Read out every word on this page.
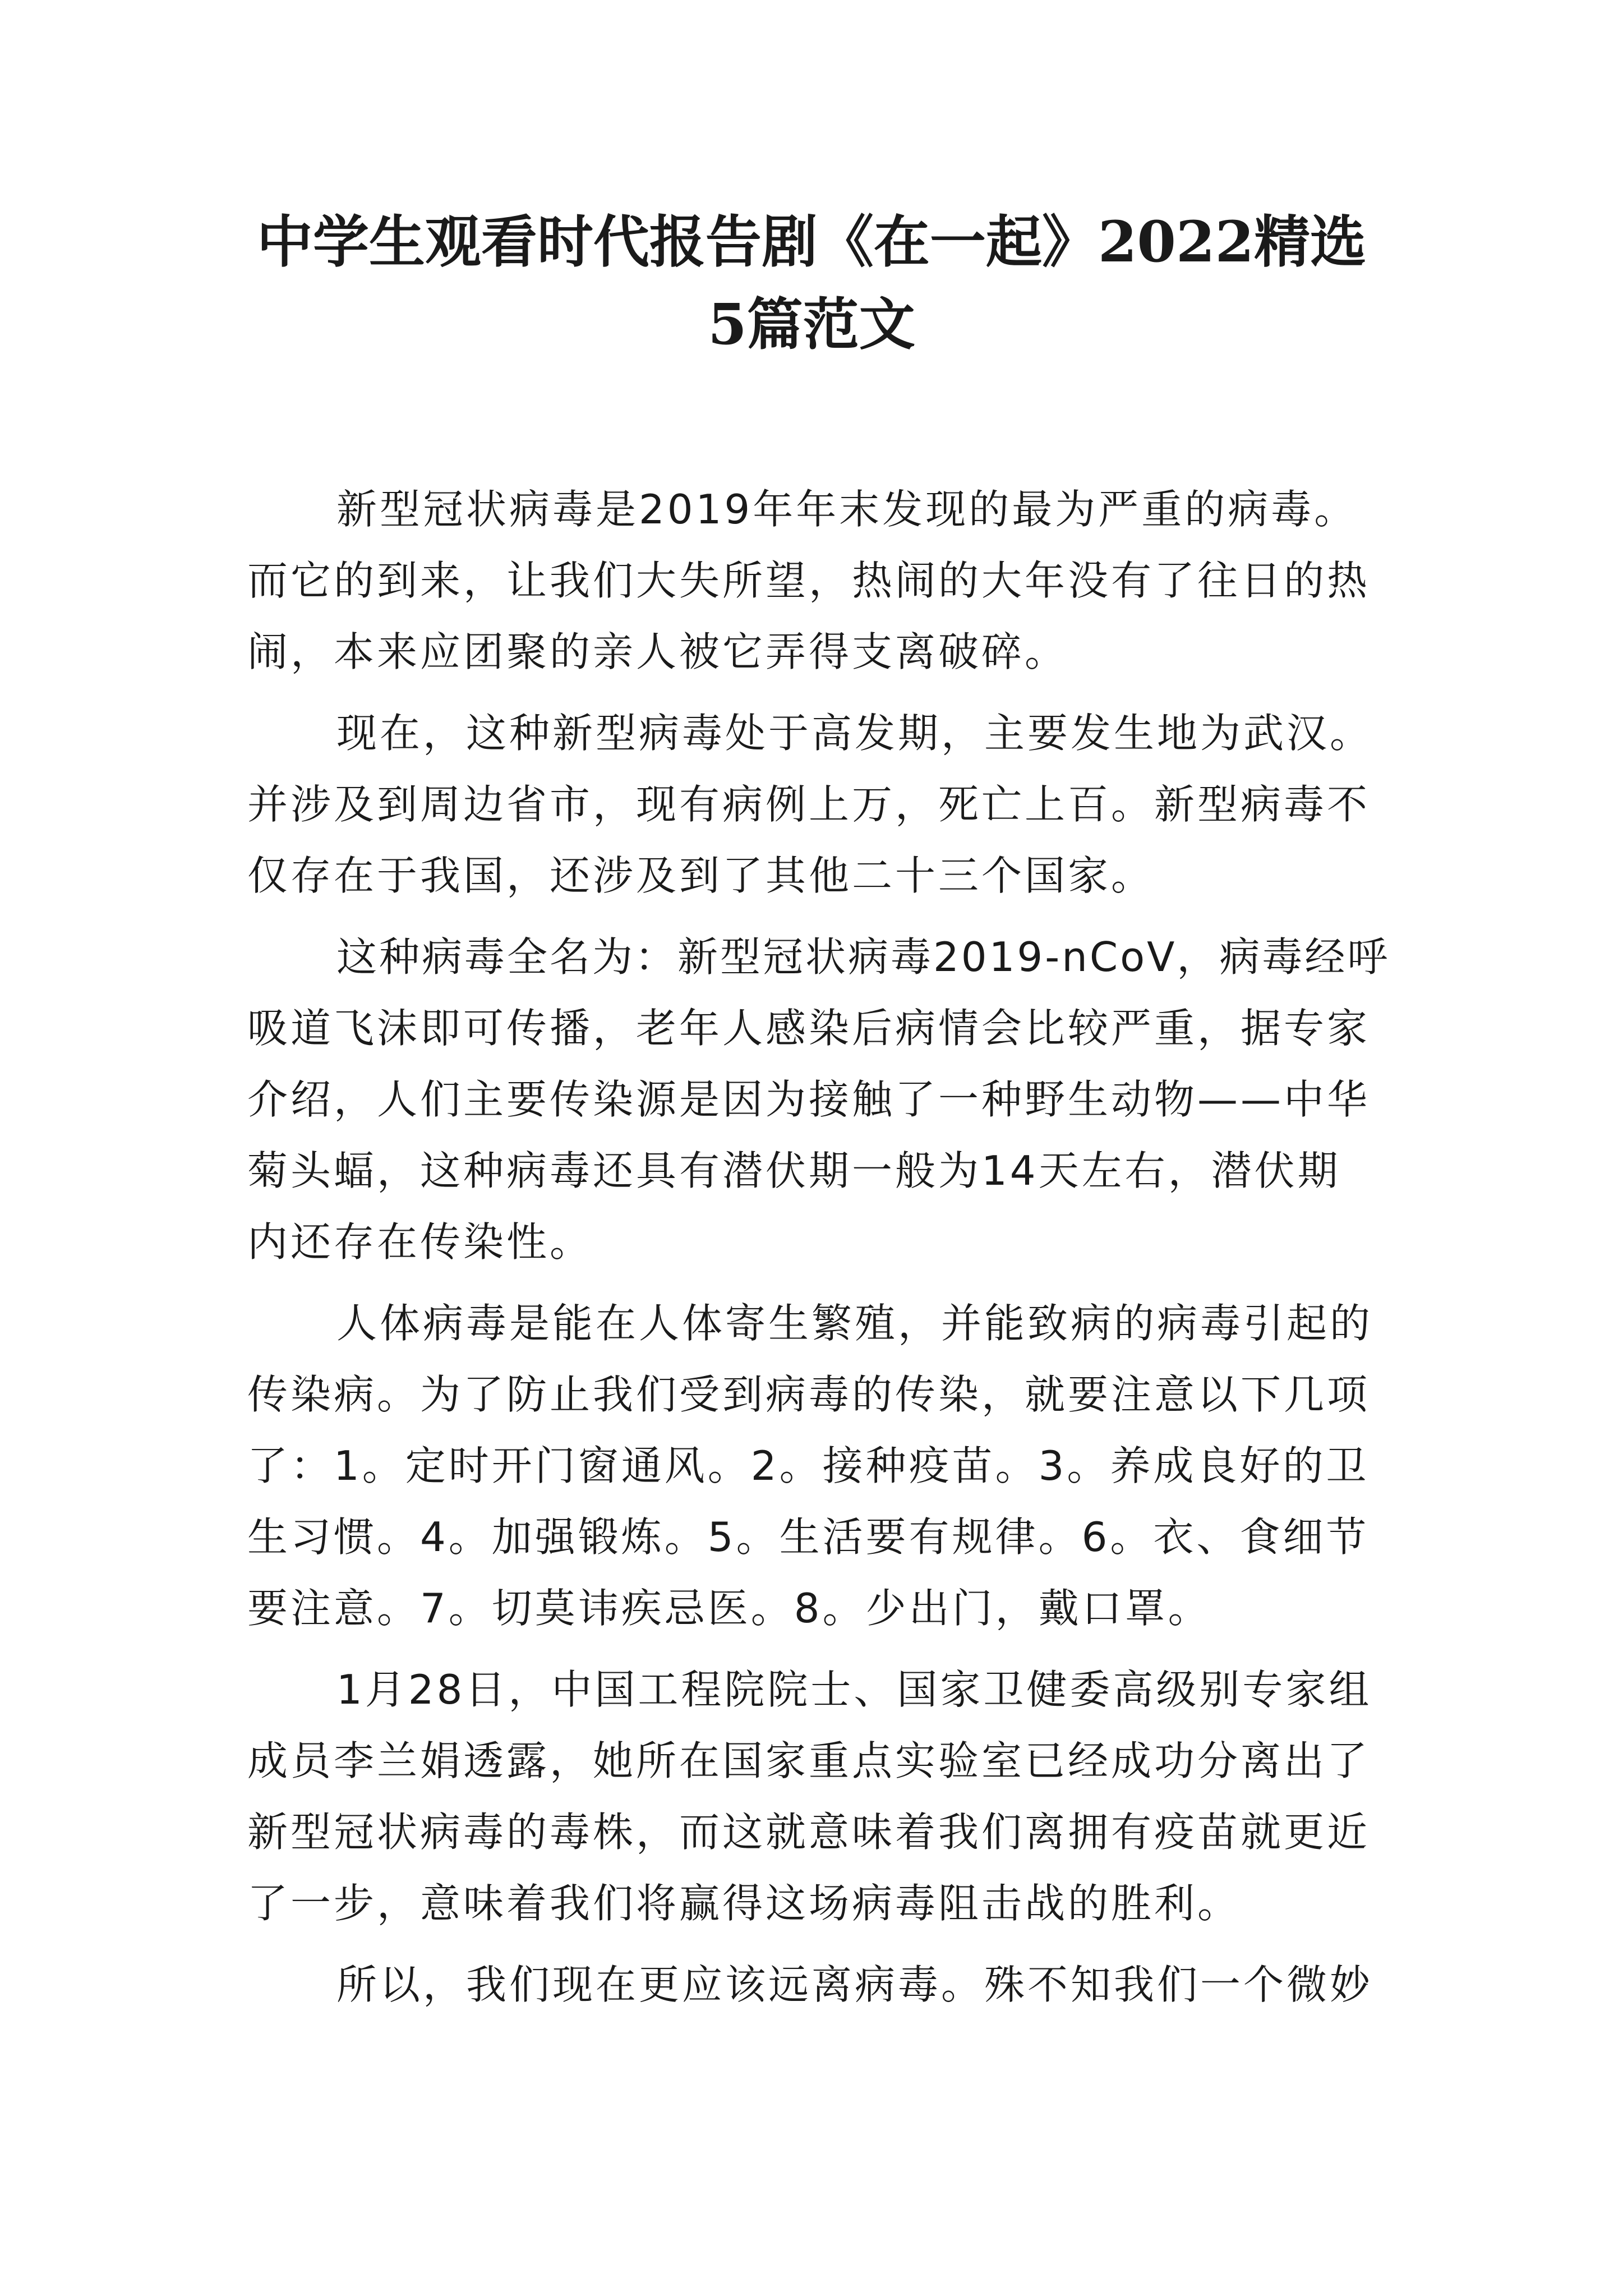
中学生观看时代报告剧《在一起》2022精选
5篇范文
新型冠状病毒是2019年年末发现的最为严重的病毒。
而它的到来，让我们大失所望，热闹的大年没有了往日的热
闹，本来应团聚的亲人被它弄得支离破碎。
现在，这种新型病毒处于高发期，主要发生地为武汉。
并涉及到周边省市，现有病例上万，死亡上百。新型病毒不
仅存在于我国，还涉及到了其他二十三个国家。
这种病毒全名为：新型冠状病毒2019-nCoV，病毒经呼
吸道飞沫即可传播，老年人感染后病情会比较严重，据专家
介绍，人们主要传染源是因为接触了一种野生动物——中华
菊头蝠，这种病毒还具有潜伏期一般为14天左右，潜伏期
内还存在传染性。
人体病毒是能在人体寄生繁殖，并能致病的病毒引起的
传染病。为了防止我们受到病毒的传染，就要注意以下几项
了：1。定时开门窗通风。2。接种疫苗。3。养成良好的卫
生习惯。4。加强锻炼。5。生活要有规律。6。衣、食细节
要注意。7。切莫讳疾忌医。8。少出门，戴口罩。
1月28日，中国工程院院士、国家卫健委高级别专家组
成员李兰娟透露，她所在国家重点实验室已经成功分离出了
新型冠状病毒的毒株，而这就意味着我们离拥有疫苗就更近
了一步，意味着我们将赢得这场病毒阻击战的胜利。
所以，我们现在更应该远离病毒。殊不知我们一个微妙
